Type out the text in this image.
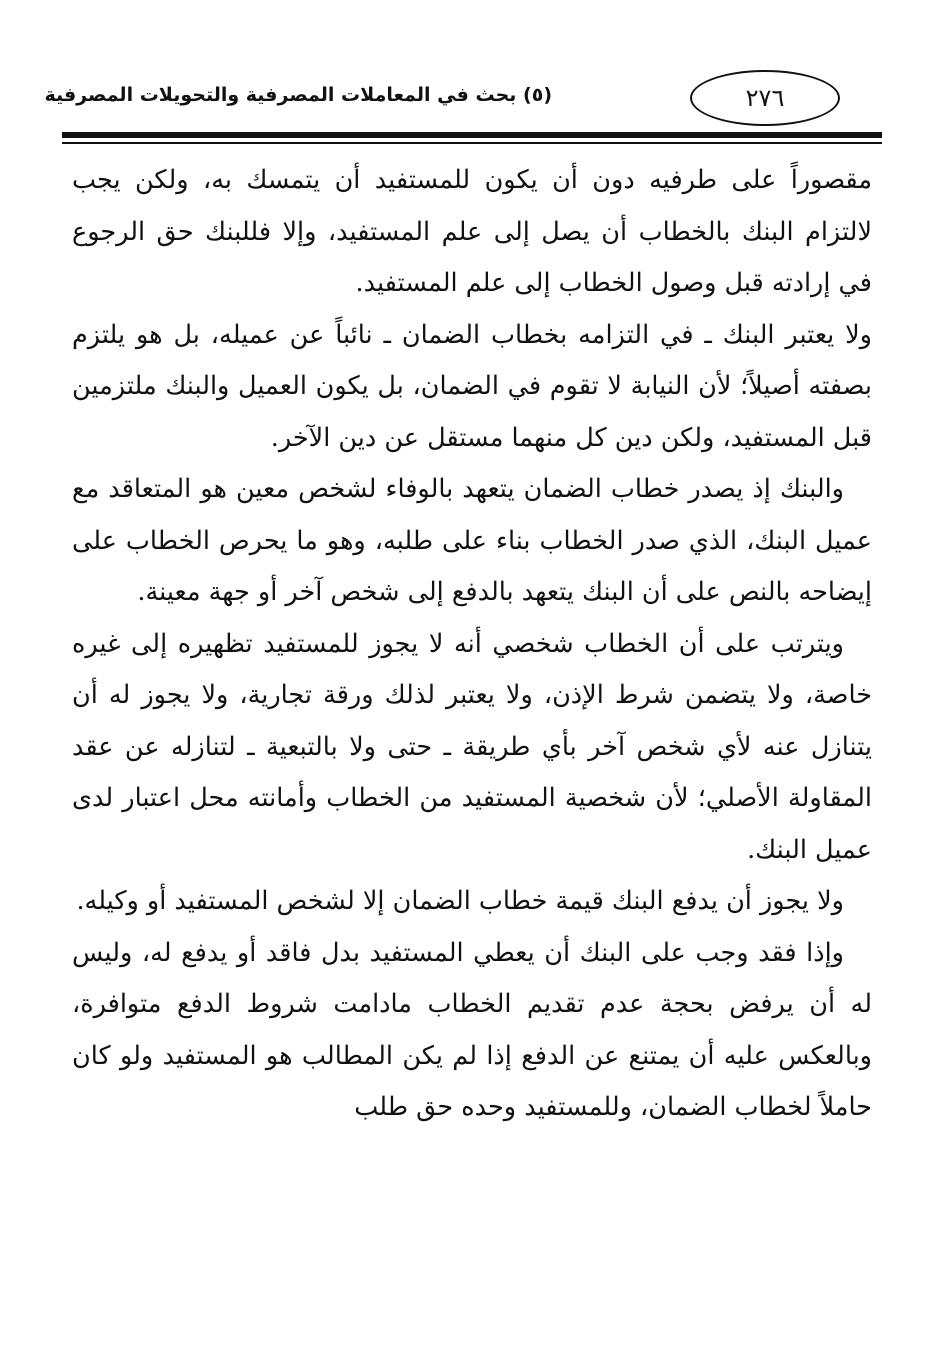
٢٧٦
(٥) بحث في المعاملات المصرفية والتحويلات المصرفية

مقصوراً على طرفيه دون أن يكون للمستفيد أن يتمسك به، ولكن يجب لالتزام البنك بالخطاب أن يصل إلى علم المستفيد، وإلا فللبنك حق الرجوع في إرادته قبل وصول الخطاب إلى علم المستفيد.

ولا يعتبر البنك ـ في التزامه بخطاب الضمان ـ نائباً عن عميله، بل هو يلتزم بصفته أصيلاً؛ لأن النيابة لا تقوم في الضمان، بل يكون العميل والبنك ملتزمين قبل المستفيد، ولكن دين كل منهما مستقل عن دين الآخر.

والبنك إذ يصدر خطاب الضمان يتعهد بالوفاء لشخص معين هو المتعاقد مع عميل البنك، الذي صدر الخطاب بناء على طلبه، وهو ما يحرص الخطاب على إيضاحه بالنص على أن البنك يتعهد بالدفع إلى شخص آخر أو جهة معينة.

ويترتب على أن الخطاب شخصي أنه لا يجوز للمستفيد تظهيره إلى غيره خاصة، ولا يتضمن شرط الإذن، ولا يعتبر لذلك ورقة تجارية، ولا يجوز له أن يتنازل عنه لأي شخص آخر بأي طريقة ـ حتى ولا بالتبعية ـ لتنازله عن عقد المقاولة الأصلي؛ لأن شخصية المستفيد من الخطاب وأمانته محل اعتبار لدى عميل البنك.

ولا يجوز أن يدفع البنك قيمة خطاب الضمان إلا لشخص المستفيد أو وكيله.

وإذا فقد وجب على البنك أن يعطي المستفيد بدل فاقد أو يدفع له، وليس له أن يرفض بحجة عدم تقديم الخطاب مادامت شروط الدفع متوافرة، وبالعكس عليه أن يمتنع عن الدفع إذا لم يكن المطالب هو المستفيد ولو كان حاملاً لخطاب الضمان، وللمستفيد وحده حق طلب
